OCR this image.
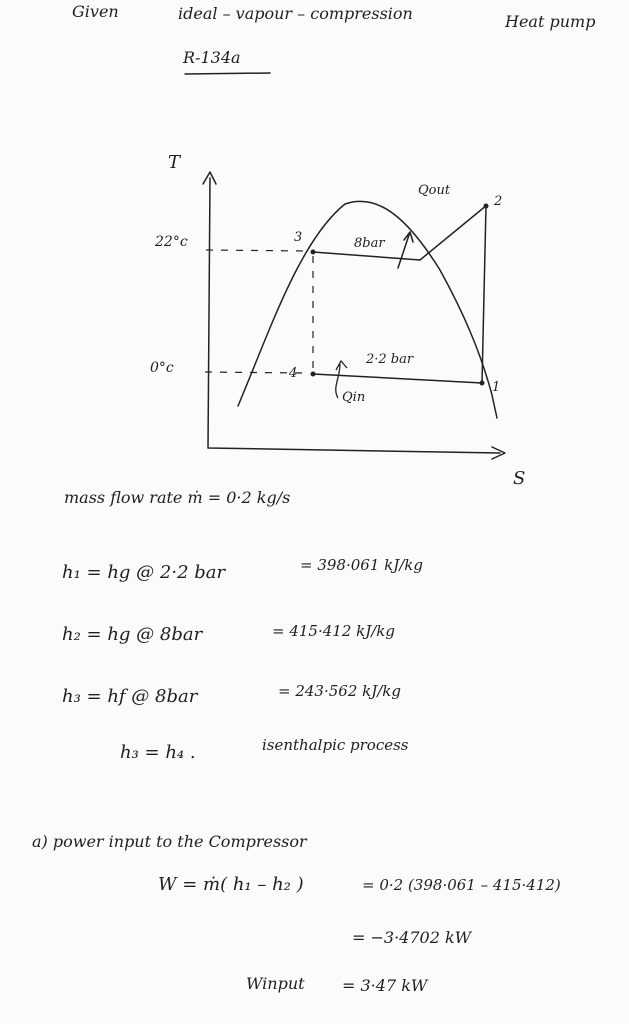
Given	ideal – vapour – compression	Heat pump
R-134a
T
S
22°c
0°c
3
4
2
1
8bar
2·2 bar
Qout
Qin
mass flow rate ṁ = 0·2 kg/s
h₁ = hg @ 2·2 bar	= 398·061 kJ/kg
h₂ = hg @ 8bar	= 415·412 kJ/kg
h₃ = hf @ 8bar	= 243·562 kJ/kg
h₃ = h₄ .	isenthalpic process
a) power input to the Compressor
W = ṁ( h₁ – h₂ )	= 0·2 (398·061 – 415·412)
= −3·4702 kW
Winput = 3·47 kW
